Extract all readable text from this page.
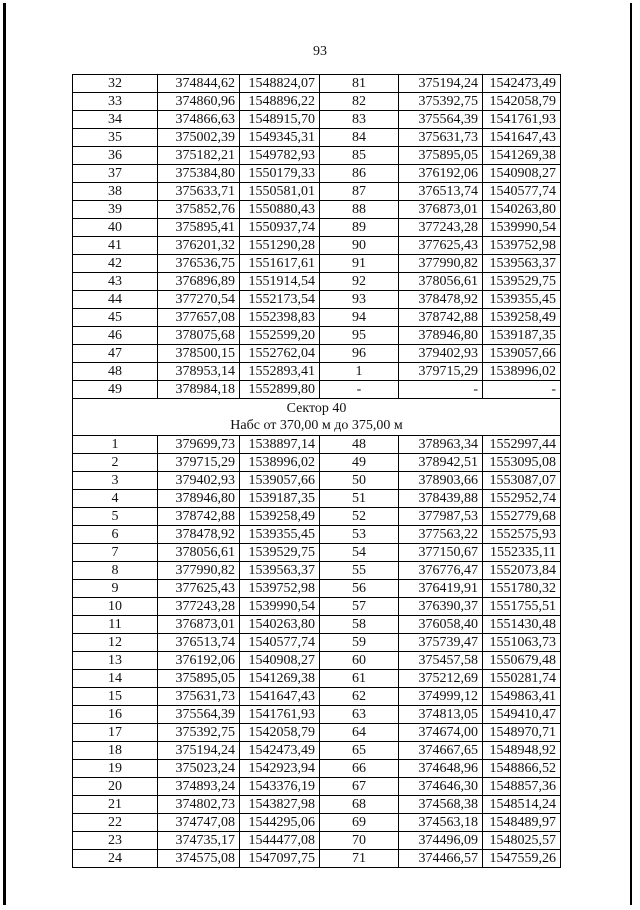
93
32	374844,62	1548824,07	81	375194,24	1542473,49
33	374860,96	1548896,22	82	375392,75	1542058,79
34	374866,63	1548915,70	83	375564,39	1541761,93
35	375002,39	1549345,31	84	375631,73	1541647,43
36	375182,21	1549782,93	85	375895,05	1541269,38
37	375384,80	1550179,33	86	376192,06	1540908,27
38	375633,71	1550581,01	87	376513,74	1540577,74
39	375852,76	1550880,43	88	376873,01	1540263,80
40	375895,41	1550937,74	89	377243,28	1539990,54
41	376201,32	1551290,28	90	377625,43	1539752,98
42	376536,75	1551617,61	91	377990,82	1539563,37
43	376896,89	1551914,54	92	378056,61	1539529,75
44	377270,54	1552173,54	93	378478,92	1539355,45
45	377657,08	1552398,83	94	378742,88	1539258,49
46	378075,68	1552599,20	95	378946,80	1539187,35
47	378500,15	1552762,04	96	379402,93	1539057,66
48	378953,14	1552893,41	1	379715,29	1538996,02
49	378984,18	1552899,80	-	-	-

Сектор 40
Набс от 370,00 м до 375,00 м					

1	379699,73	1538897,14	48	378963,34	1552997,44
2	379715,29	1538996,02	49	378942,51	1553095,08
3	379402,93	1539057,66	50	378903,66	1553087,07
4	378946,80	1539187,35	51	378439,88	1552952,74
5	378742,88	1539258,49	52	377987,53	1552779,68
6	378478,92	1539355,45	53	377563,22	1552575,93
7	378056,61	1539529,75	54	377150,67	1552335,11
8	377990,82	1539563,37	55	376776,47	1552073,84
9	377625,43	1539752,98	56	376419,91	1551780,32
10	377243,28	1539990,54	57	376390,37	1551755,51
11	376873,01	1540263,80	58	376058,40	1551430,48
12	376513,74	1540577,74	59	375739,47	1551063,73
13	376192,06	1540908,27	60	375457,58	1550679,48
14	375895,05	1541269,38	61	375212,69	1550281,74
15	375631,73	1541647,43	62	374999,12	1549863,41
16	375564,39	1541761,93	63	374813,05	1549410,47
17	375392,75	1542058,79	64	374674,00	1548970,71
18	375194,24	1542473,49	65	374667,65	1548948,92
19	375023,24	1542923,94	66	374648,96	1548866,52
20	374893,24	1543376,19	67	374646,30	1548857,36
21	374802,73	1543827,98	68	374568,38	1548514,24
22	374747,08	1544295,06	69	374563,18	1548489,97
23	374735,17	1544477,08	70	374496,09	1548025,57
24	374575,08	1547097,75	71	374466,57	1547559,26
